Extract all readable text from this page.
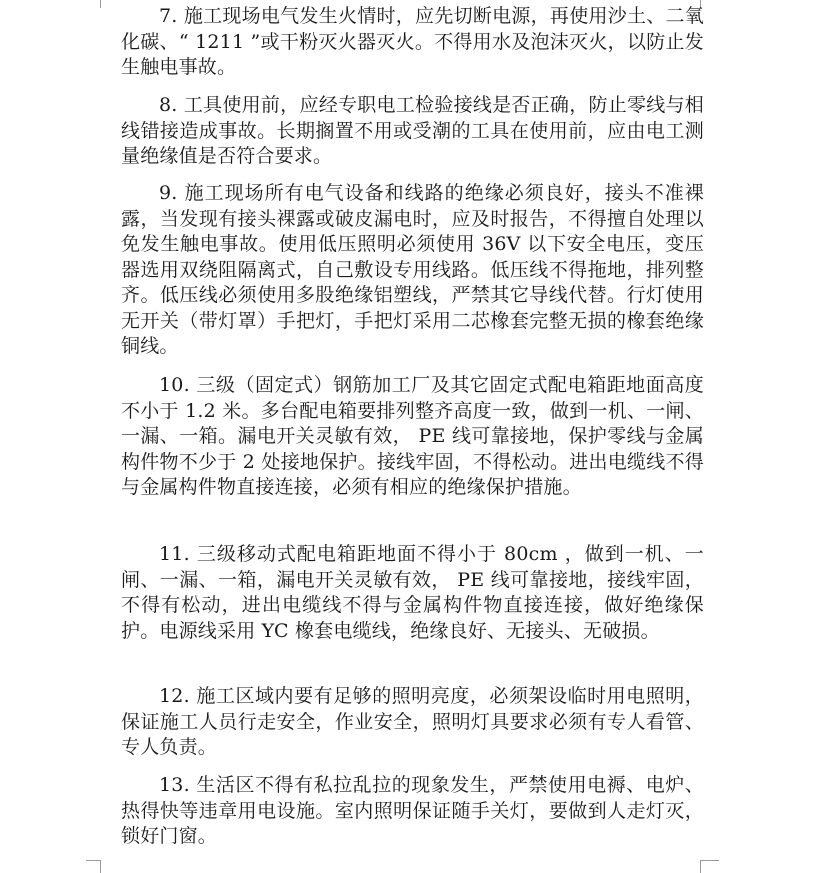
7. 施工现场电气发生火情时，应先切断电源，再使用沙土、二氧化碳、“ 1211 ”或干粉灭火器灭火。不得用水及泡沫灭火，以防止发生触电事故。

8. 工具使用前，应经专职电工检验接线是否正确，防止零线与相线错接造成事故。长期搁置不用或受潮的工具在使用前，应由电工测量绝缘值是否符合要求。

9. 施工现场所有电气设备和线路的绝缘必须良好，接头不准裸露，当发现有接头裸露或破皮漏电时，应及时报告，不得擅自处理以免发生触电事故。使用低压照明必须使用 36V 以下安全电压，变压器选用双绕阻隔离式，自己敷设专用线路。低压线不得拖地，排列整齐。低压线必须使用多股绝缘铝塑线，严禁其它导线代替。行灯使用无开关（带灯罩）手把灯，手把灯采用二芯橡套完整无损的橡套绝缘铜线。

10. 三级（固定式）钢筋加工厂及其它固定式配电箱距地面高度不小于 1.2 米。多台配电箱要排列整齐高度一致，做到一机、一闸、一漏、一箱。漏电开关灵敏有效， PE 线可靠接地，保护零线与金属构件物不少于 2 处接地保护。接线牢固，不得松动。进出电缆线不得与金属构件物直接连接，必须有相应的绝缘保护措施。

11. 三级移动式配电箱距地面不得小于 80cm ，做到一机、一闸、一漏、一箱，漏电开关灵敏有效， PE 线可靠接地，接线牢固，不得有松动，进出电缆线不得与金属构件物直接连接，做好绝缘保护。电源线采用 YC 橡套电缆线，绝缘良好、无接头、无破损。

12. 施工区域内要有足够的照明亮度，必须架设临时用电照明，保证施工人员行走安全，作业安全，照明灯具要求必须有专人看管、专人负责。

13. 生活区不得有私拉乱拉的现象发生，严禁使用电褥、电炉、热得快等违章用电设施。室内照明保证随手关灯，要做到人走灯灭，锁好门窗。
